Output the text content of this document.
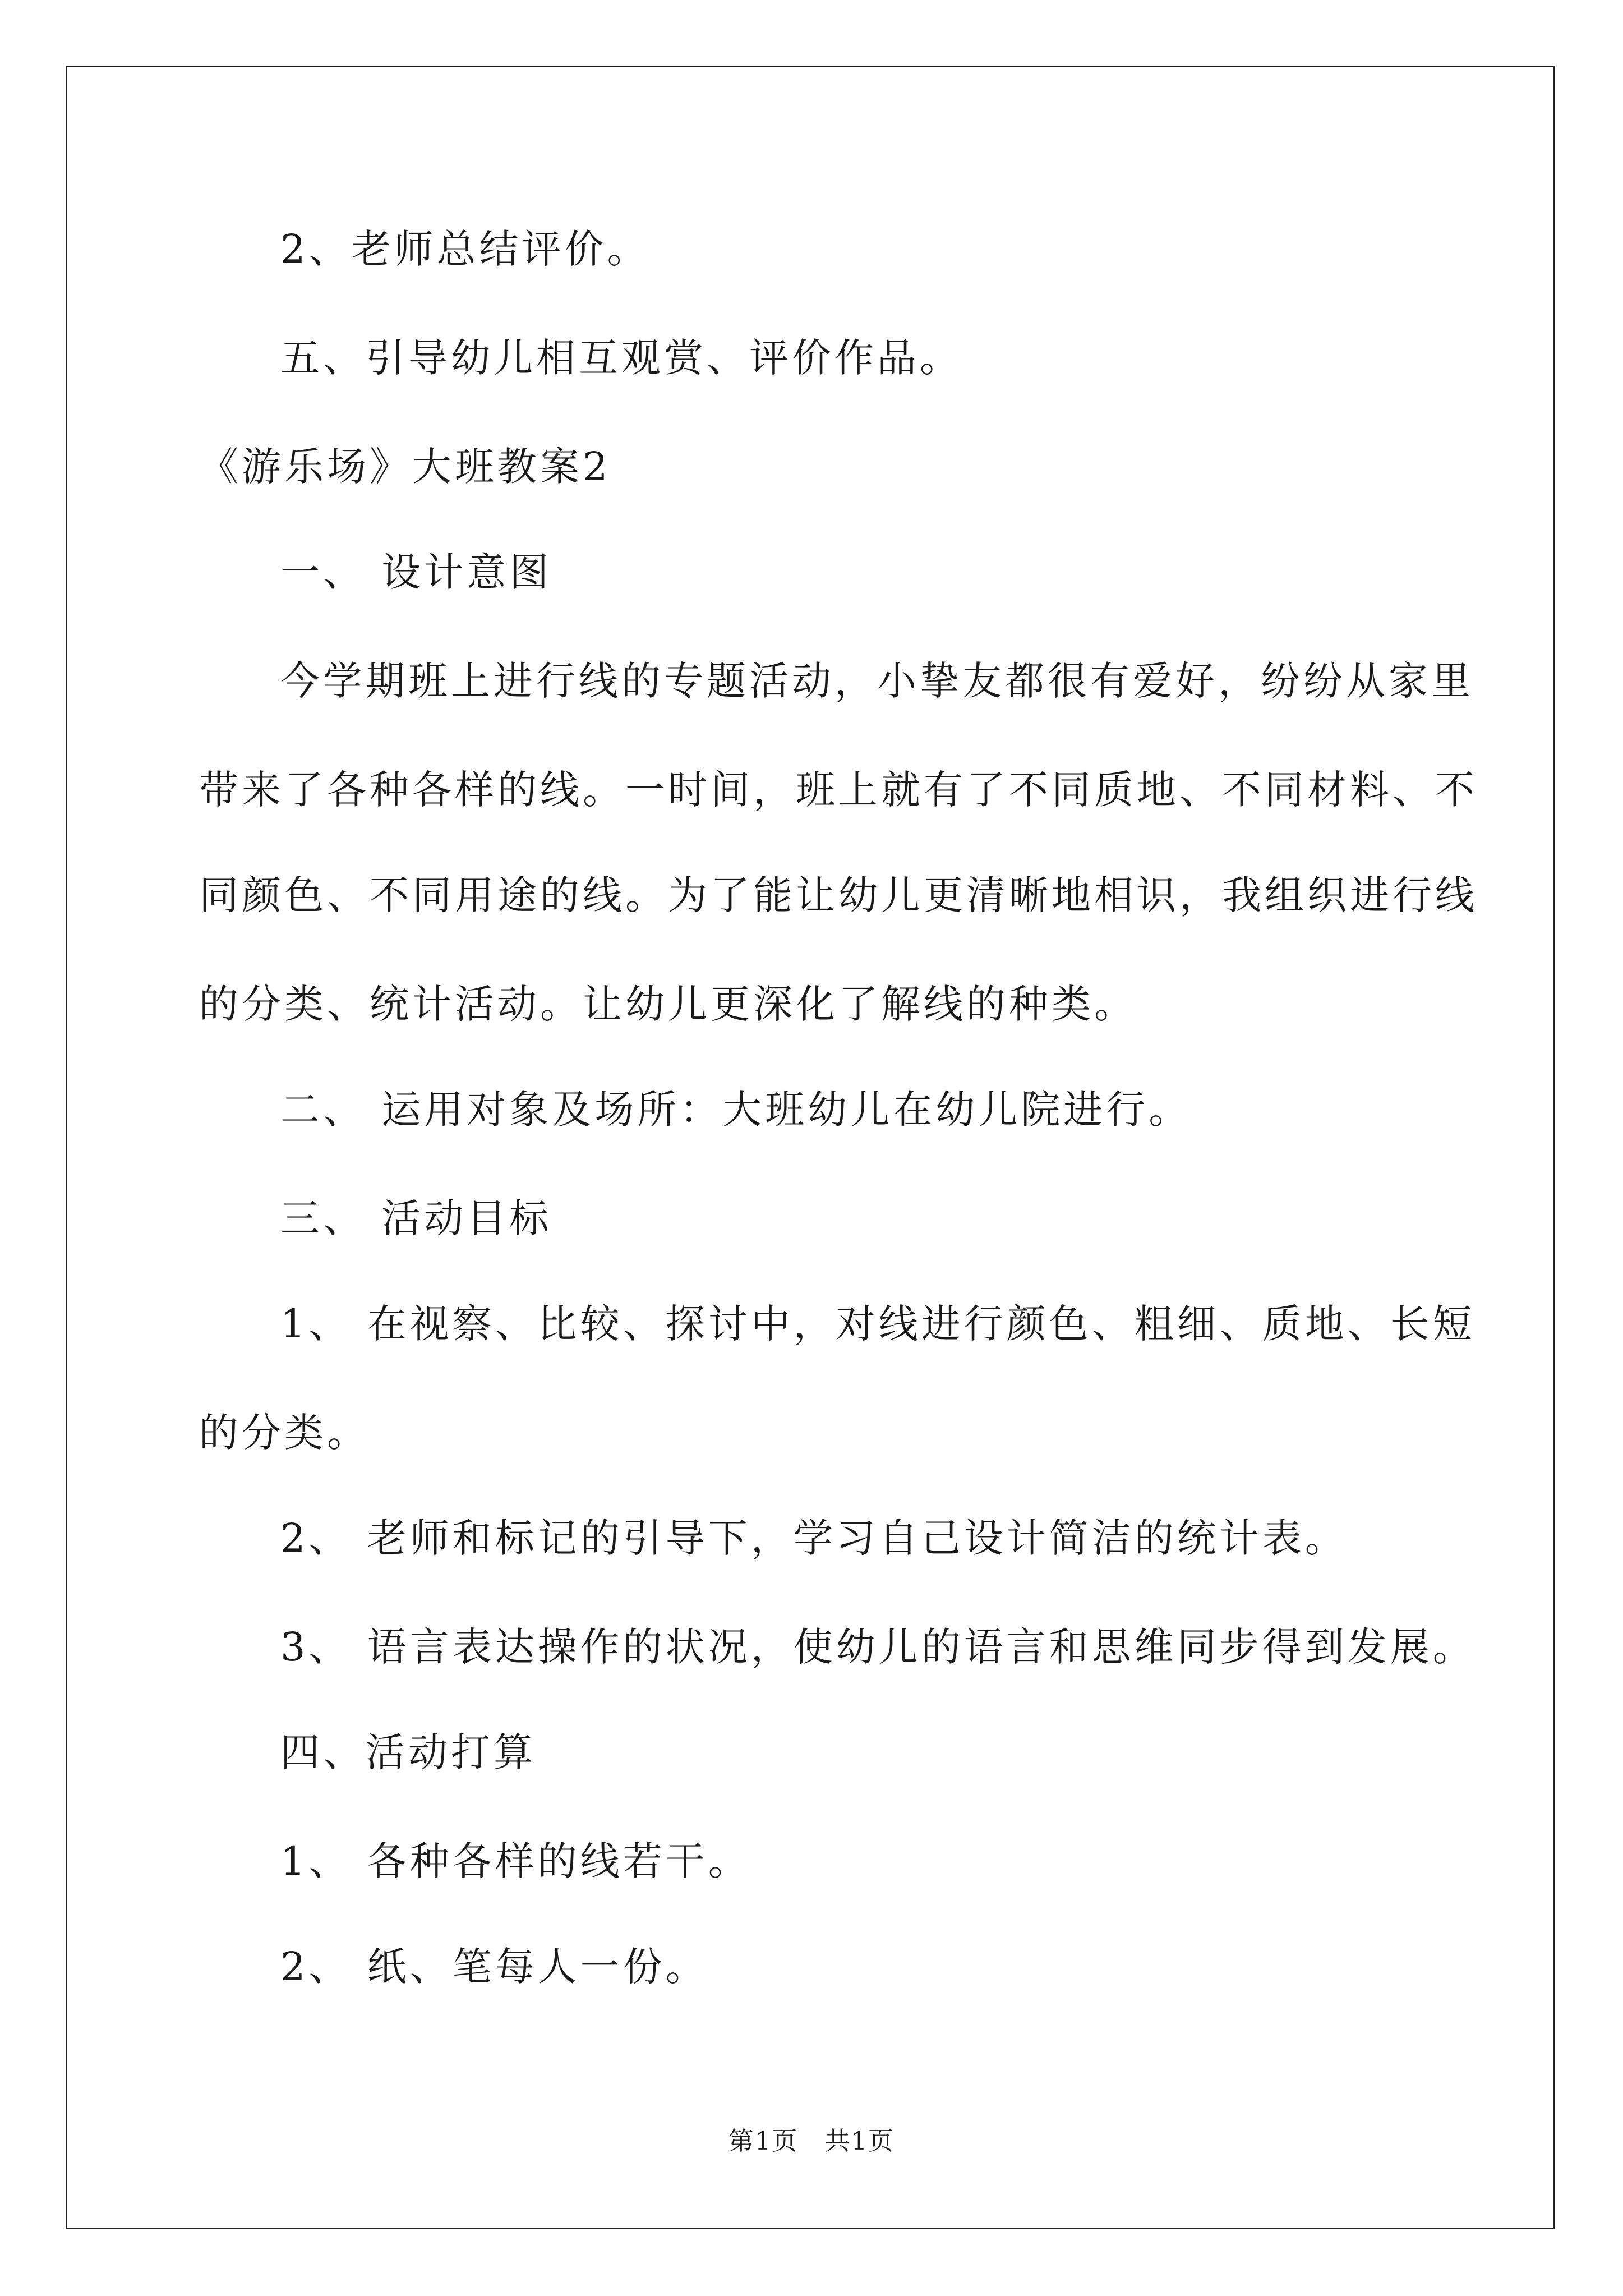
2、老师总结评价。
五、引导幼儿相互观赏、评价作品。
《游乐场》大班教案2
一、 设计意图
今学期班上进行线的专题活动，小挚友都很有爱好，纷纷从家里
带来了各种各样的线。一时间，班上就有了不同质地、不同材料、不
同颜色、不同用途的线。为了能让幼儿更清晰地相识，我组织进行线
的分类、统计活动。让幼儿更深化了解线的种类。
二、 运用对象及场所：大班幼儿在幼儿院进行。
三、 活动目标
1、 在视察、比较、探讨中，对线进行颜色、粗细、质地、长短
的分类。
2、 老师和标记的引导下，学习自己设计简洁的统计表。
3、 语言表达操作的状况，使幼儿的语言和思维同步得到发展。
四、活动打算
1、 各种各样的线若干。
2、 纸、笔每人一份。
第1页　共1页
